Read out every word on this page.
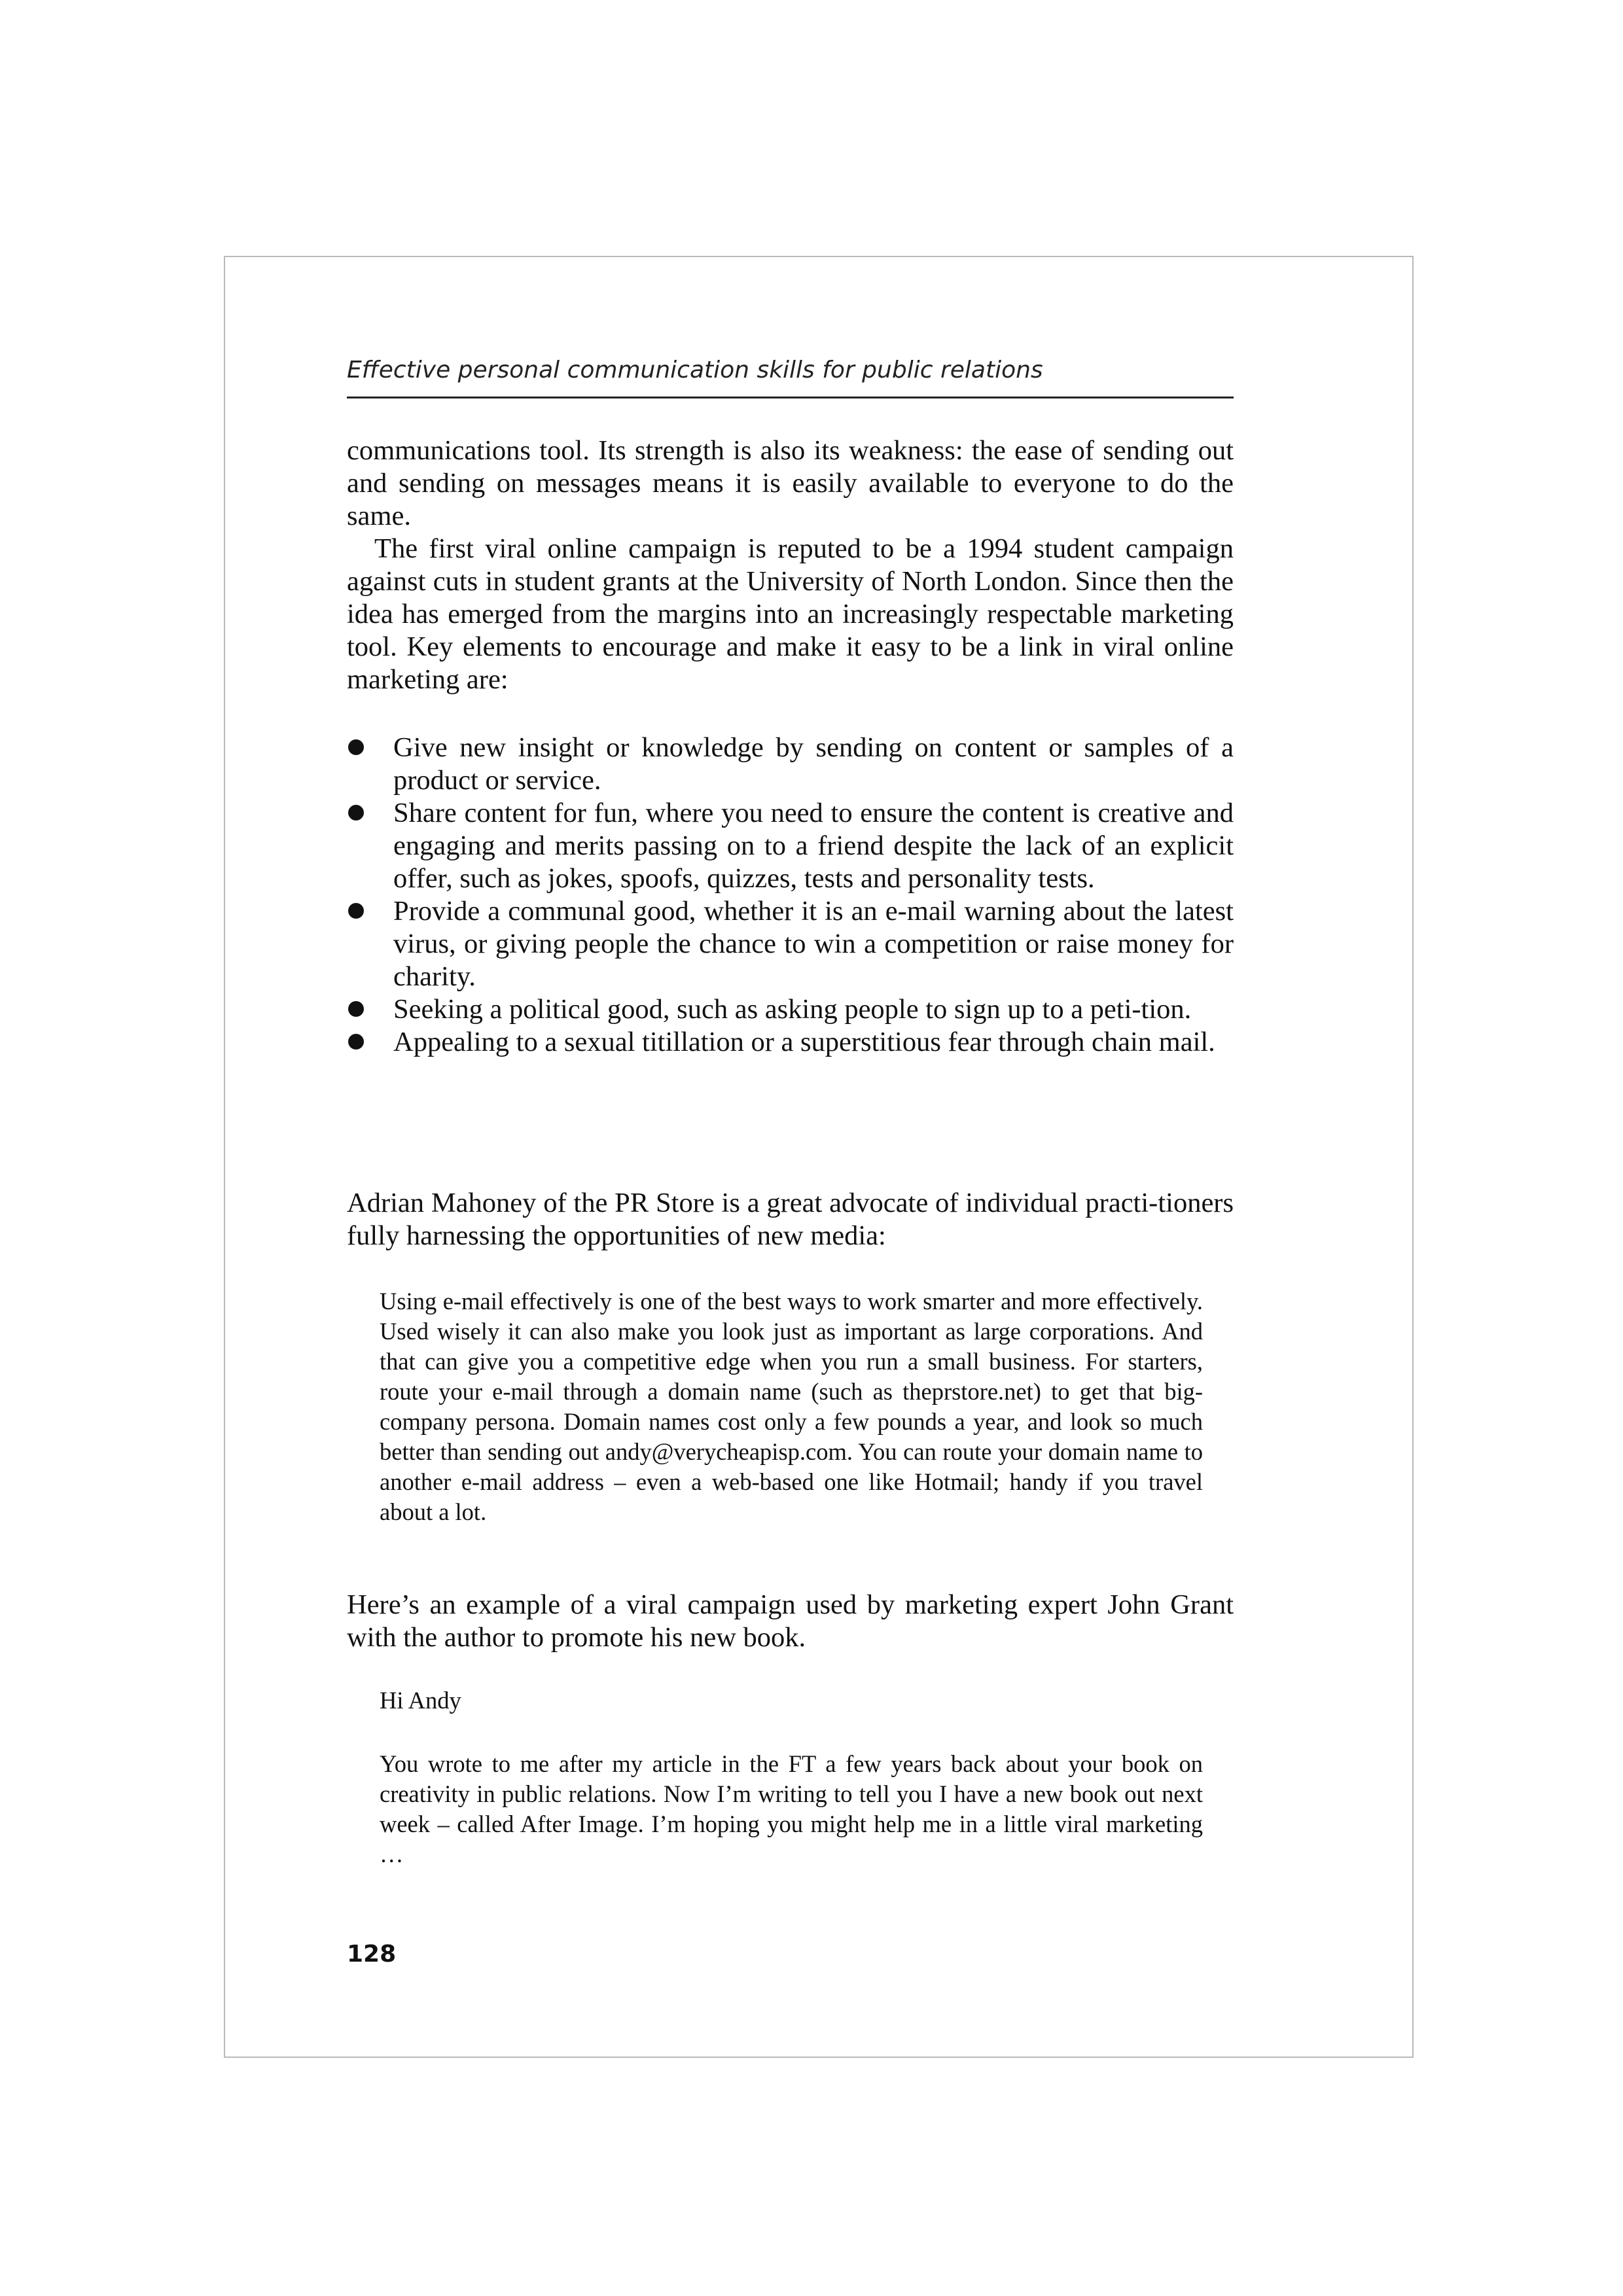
Effective personal communication skills for public relations

communications tool. Its strength is also its weakness: the ease of sending out and sending on messages means it is easily available to everyone to do the same.

The first viral online campaign is reputed to be a 1994 student campaign against cuts in student grants at the University of North London. Since then the idea has emerged from the margins into an increasingly respectable marketing tool. Key elements to encourage and make it easy to be a link in viral online marketing are:

Give new insight or knowledge by sending on content or samples of a product or service.
Share content for fun, where you need to ensure the content is creative and engaging and merits passing on to a friend despite the lack of an explicit offer, such as jokes, spoofs, quizzes, tests and personality tests.
Provide a communal good, whether it is an e-mail warning about the latest virus, or giving people the chance to win a competition or raise money for charity.
Seeking a political good, such as asking people to sign up to a peti-tion.
Appealing to a sexual titillation or a superstitious fear through chain mail.

Adrian Mahoney of the PR Store is a great advocate of individual practi-tioners fully harnessing the opportunities of new media:

Using e-mail effectively is one of the best ways to work smarter and more effectively. Used wisely it can also make you look just as important as large corporations. And that can give you a competitive edge when you run a small business. For starters, route your e-mail through a domain name (such as theprstore.net) to get that big-company persona. Domain names cost only a few pounds a year, and look so much better than sending out andy@verycheapisp.com. You can route your domain name to another e-mail address – even a web-based one like Hotmail; handy if you travel about a lot.

Here’s an example of a viral campaign used by marketing expert John Grant with the author to promote his new book.

Hi Andy

You wrote to me after my article in the FT a few years back about your book on creativity in public relations. Now I’m writing to tell you I have a new book out next week – called After Image. I’m hoping you might help me in a little viral marketing …

128
